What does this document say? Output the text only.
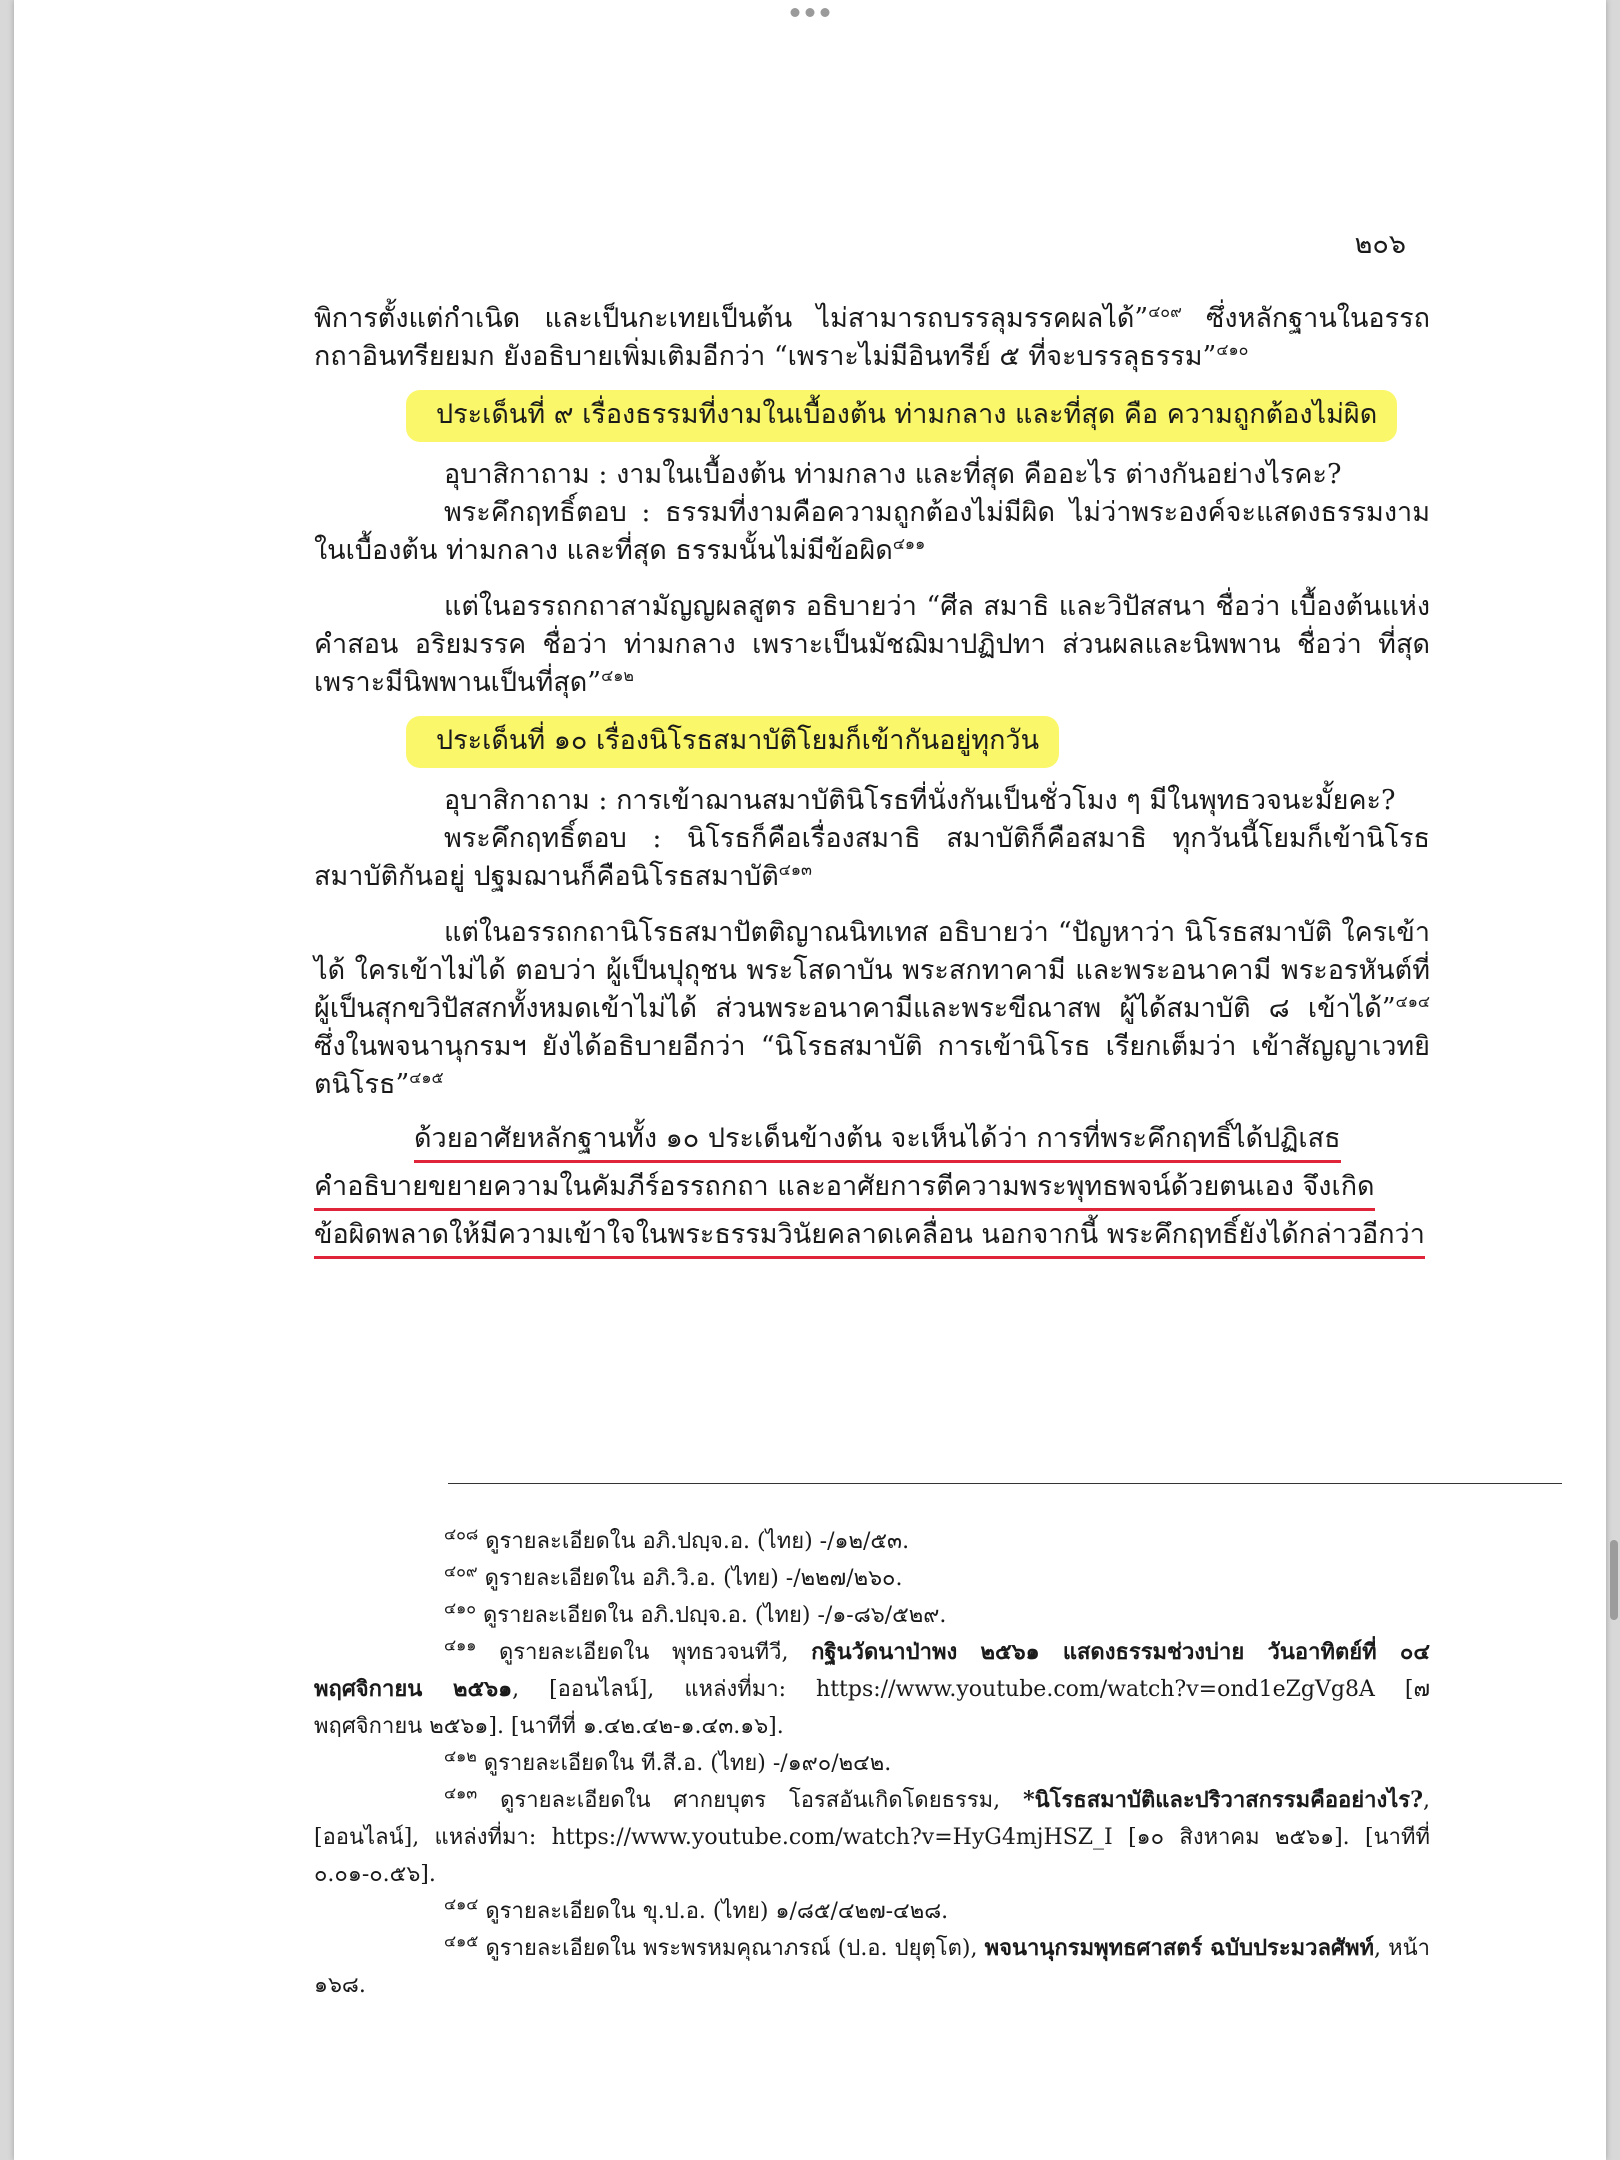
๒๐๖

พิการตั้งแต่กำเนิด และเป็นกะเทยเป็นต้น ไม่สามารถบรรลุมรรคผลได้”$^{๔๐๙}$ ซึ่งหลักฐานในอรรถกถาอินทรียยมก ยังอธิบายเพิ่มเติมอีกว่า “เพราะไม่มีอินทรีย์ ๕ ที่จะบรรลุธรรม”$^{๔๑๐}$

ประเด็นที่ ๙ เรื่องธรรมที่งามในเบื้องต้น ท่ามกลาง และที่สุด คือ ความถูกต้องไม่ผิด

อุบาสิกาถาม : งามในเบื้องต้น ท่ามกลาง และที่สุด คืออะไร ต่างกันอย่างไรคะ?

พระคึกฤทธิ์ตอบ : ธรรมที่งามคือความถูกต้องไม่มีผิด ไม่ว่าพระองค์จะแสดงธรรมงามในเบื้องต้น ท่ามกลาง และที่สุด ธรรมนั้นไม่มีข้อผิด$^{๔๑๑}$

แต่ในอรรถกถาสามัญญผลสูตร อธิบายว่า “ศีล สมาธิ และวิปัสสนา ชื่อว่า เบื้องต้นแห่งคำสอน อริยมรรค ชื่อว่า ท่ามกลาง เพราะเป็นมัชฌิมาปฏิปทา ส่วนผลและนิพพาน ชื่อว่า ที่สุด เพราะมีนิพพานเป็นที่สุด”$^{๔๑๒}$

ประเด็นที่ ๑๐ เรื่องนิโรธสมาบัติโยมก็เข้ากันอยู่ทุกวัน

อุบาสิกาถาม : การเข้าฌานสมาบัตินิโรธที่นั่งกันเป็นชั่วโมง ๆ มีในพุทธวจนะมั้ยคะ?

พระคึกฤทธิ์ตอบ : นิโรธก็คือเรื่องสมาธิ สมาบัติก็คือสมาธิ ทุกวันนี้โยมก็เข้านิโรธสมาบัติกันอยู่ ปฐมฌานก็คือนิโรธสมาบัติ$^{๔๑๓}$

แต่ในอรรถกถานิโรธสมาปัตติญาณนิทเทส อธิบายว่า “ปัญหาว่า นิโรธสมาบัติ ใครเข้าได้ ใครเข้าไม่ได้ ตอบว่า ผู้เป็นปุถุชน พระโสดาบัน พระสกทาคามี และพระอนาคามี พระอรหันต์ที่ผู้เป็นสุกขวิปัสสกทั้งหมดเข้าไม่ได้ ส่วนพระอนาคามีและพระขีณาสพ ผู้ได้สมาบัติ ๘ เข้าได้”$^{๔๑๔}$ ซึ่งในพจนานุกรมฯ ยังได้อธิบายอีกว่า “นิโรธสมาบัติ การเข้านิโรธ เรียกเต็มว่า เข้าสัญญาเวทยิตนิโรธ”$^{๔๑๕}$

ด้วยอาศัยหลักฐานทั้ง ๑๐ ประเด็นข้างต้น จะเห็นได้ว่า การที่พระคึกฤทธิ์ได้ปฏิเสธ
คำอธิบายขยายความในคัมภีร์อรรถกถา และอาศัยการตีความพระพุทธพจน์ด้วยตนเอง จึงเกิด
ข้อผิดพลาดให้มีความเข้าใจในพระธรรมวินัยคลาดเคลื่อน นอกจากนี้ พระคึกฤทธิ์ยังได้กล่าวอีกว่า

$^{๔๐๘}$ ดูรายละเอียดใน อภิ.ปญฺจ.อ. (ไทย) -/๑๒/๕๓.

$^{๔๐๙}$ ดูรายละเอียดใน อภิ.วิ.อ. (ไทย) -/๒๒๗/๒๖๐.

$^{๔๑๐}$ ดูรายละเอียดใน อภิ.ปญฺจ.อ. (ไทย) -/๑-๘๖/๕๒๙.

$^{๔๑๑}$ ดูรายละเอียดใน พุทธวจนทีวี, กฐินวัดนาป่าพง ๒๕๖๑ แสดงธรรมช่วงบ่าย วันอาทิตย์ที่ ๐๔ พฤศจิกายน ๒๕๖๑, [ออนไลน์], แหล่งที่มา: https://www.youtube.com/watch?v=ond1eZgVg8A [๗ พฤศจิกายน ๒๕๖๑]. [นาทีที่ ๑.๔๒.๔๒-๑.๔๓.๑๖].

$^{๔๑๒}$ ดูรายละเอียดใน ที.สี.อ. (ไทย) -/๑๙๐/๒๔๒.

$^{๔๑๓}$ ดูรายละเอียดใน ศากยบุตร โอรสอันเกิดโดยธรรม, *นิโรธสมาบัติและปริวาสกรรมคืออย่างไร?, [ออนไลน์], แหล่งที่มา: https://www.youtube.com/watch?v=HyG4mjHSZ_I [๑๐ สิงหาคม ๒๕๖๑]. [นาทีที่ ๐.๐๑-๐.๕๖].

$^{๔๑๔}$ ดูรายละเอียดใน ขุ.ป.อ. (ไทย) ๑/๘๕/๔๒๗-๔๒๘.

$^{๔๑๕}$ ดูรายละเอียดใน พระพรหมคุณาภรณ์ (ป.อ. ปยุตฺโต), พจนานุกรมพุทธศาสตร์ ฉบับประมวลศัพท์, หน้า ๑๖๘.
